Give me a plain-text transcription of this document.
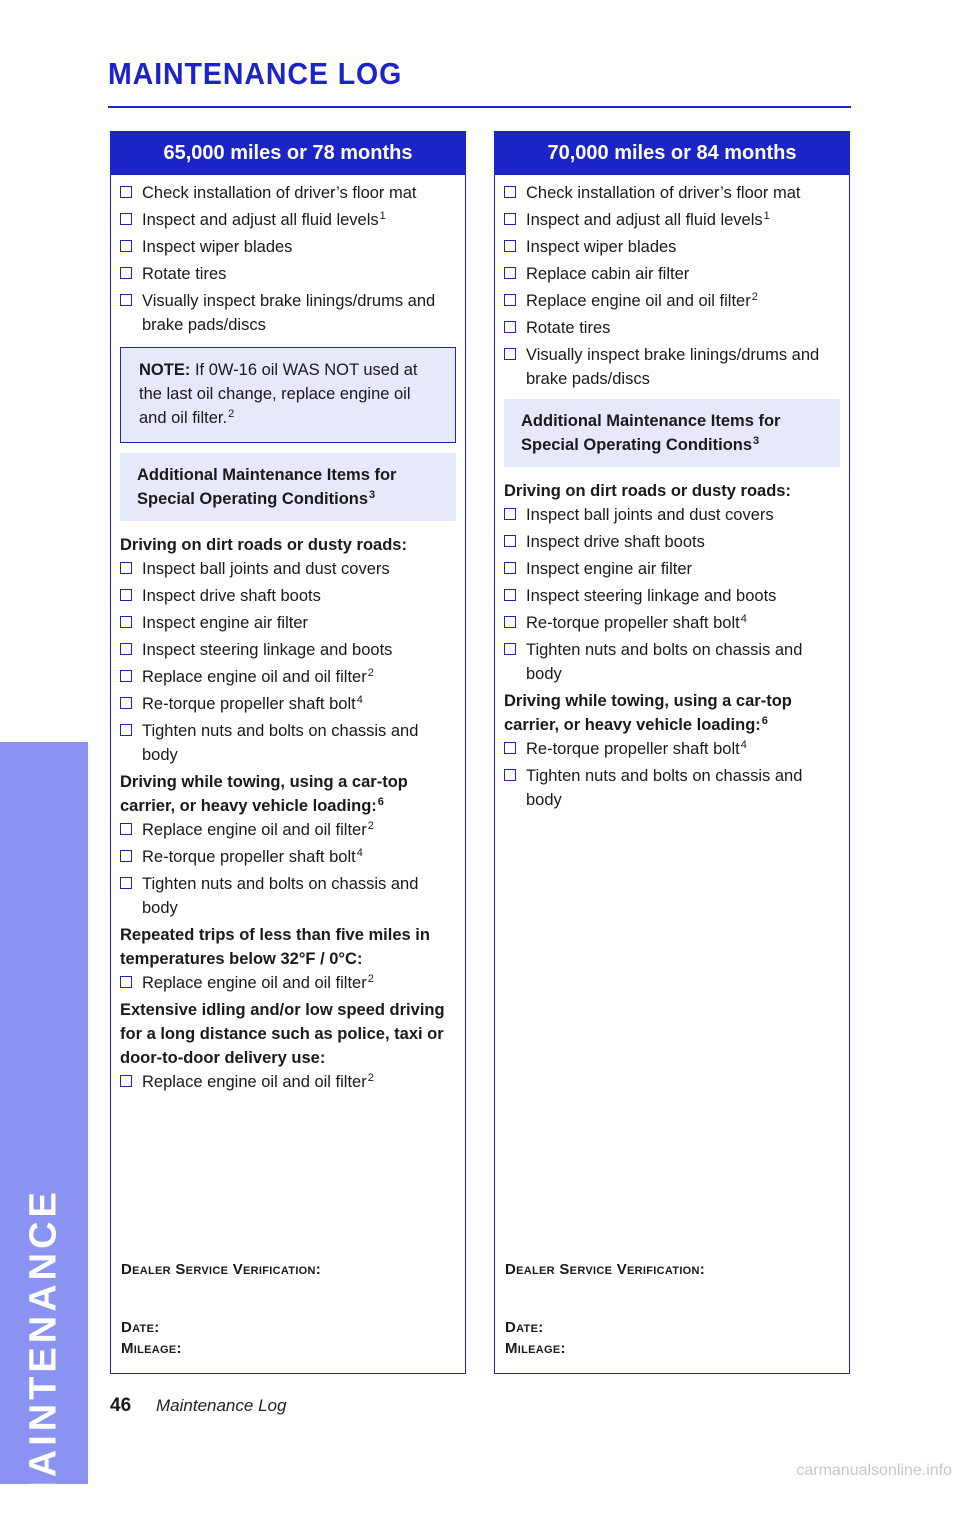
MAINTENANCE
MAINTENANCE LOG
65,000 miles or 78 months
Check installation of driver’s floor mat
Inspect and adjust all fluid levels$^1$
Inspect wiper blades
Rotate tires
Visually inspect brake linings/drums and brake pads/discs
NOTE: If 0W-16 oil WAS NOT used at the last oil change, replace engine oil and oil filter.$^2$
Additional Maintenance Items for Special Operating Conditions$^3$
Driving on dirt roads or dusty roads:
Inspect ball joints and dust covers
Inspect drive shaft boots
Inspect engine air filter
Inspect steering linkage and boots
Replace engine oil and oil filter$^2$
Re-torque propeller shaft bolt$^4$
Tighten nuts and bolts on chassis and body
Driving while towing, using a car-top carrier, or heavy vehicle loading:$^6$
Replace engine oil and oil filter$^2$
Re-torque propeller shaft bolt$^4$
Tighten nuts and bolts on chassis and body
Repeated trips of less than five miles in temperatures below 32°F / 0°C:
Replace engine oil and oil filter$^2$
Extensive idling and/or low speed driving for a long distance such as police, taxi or door-to-door delivery use:
Replace engine oil and oil filter$^2$
Dealer Service Verification:
Date:
Mileage:
70,000 miles or 84 months
Check installation of driver’s floor mat
Inspect and adjust all fluid levels$^1$
Inspect wiper blades
Replace cabin air filter
Replace engine oil and oil filter$^2$
Rotate tires
Visually inspect brake linings/drums and brake pads/discs
Additional Maintenance Items for Special Operating Conditions$^3$
Driving on dirt roads or dusty roads:
Inspect ball joints and dust covers
Inspect drive shaft boots
Inspect engine air filter
Inspect steering linkage and boots
Re-torque propeller shaft bolt$^4$
Tighten nuts and bolts on chassis and body
Driving while towing, using a car-top carrier, or heavy vehicle loading:$^6$
Re-torque propeller shaft bolt$^4$
Tighten nuts and bolts on chassis and body
Dealer Service Verification:
Date:
Mileage:
46 Maintenance Log
carmanualsonline.info
